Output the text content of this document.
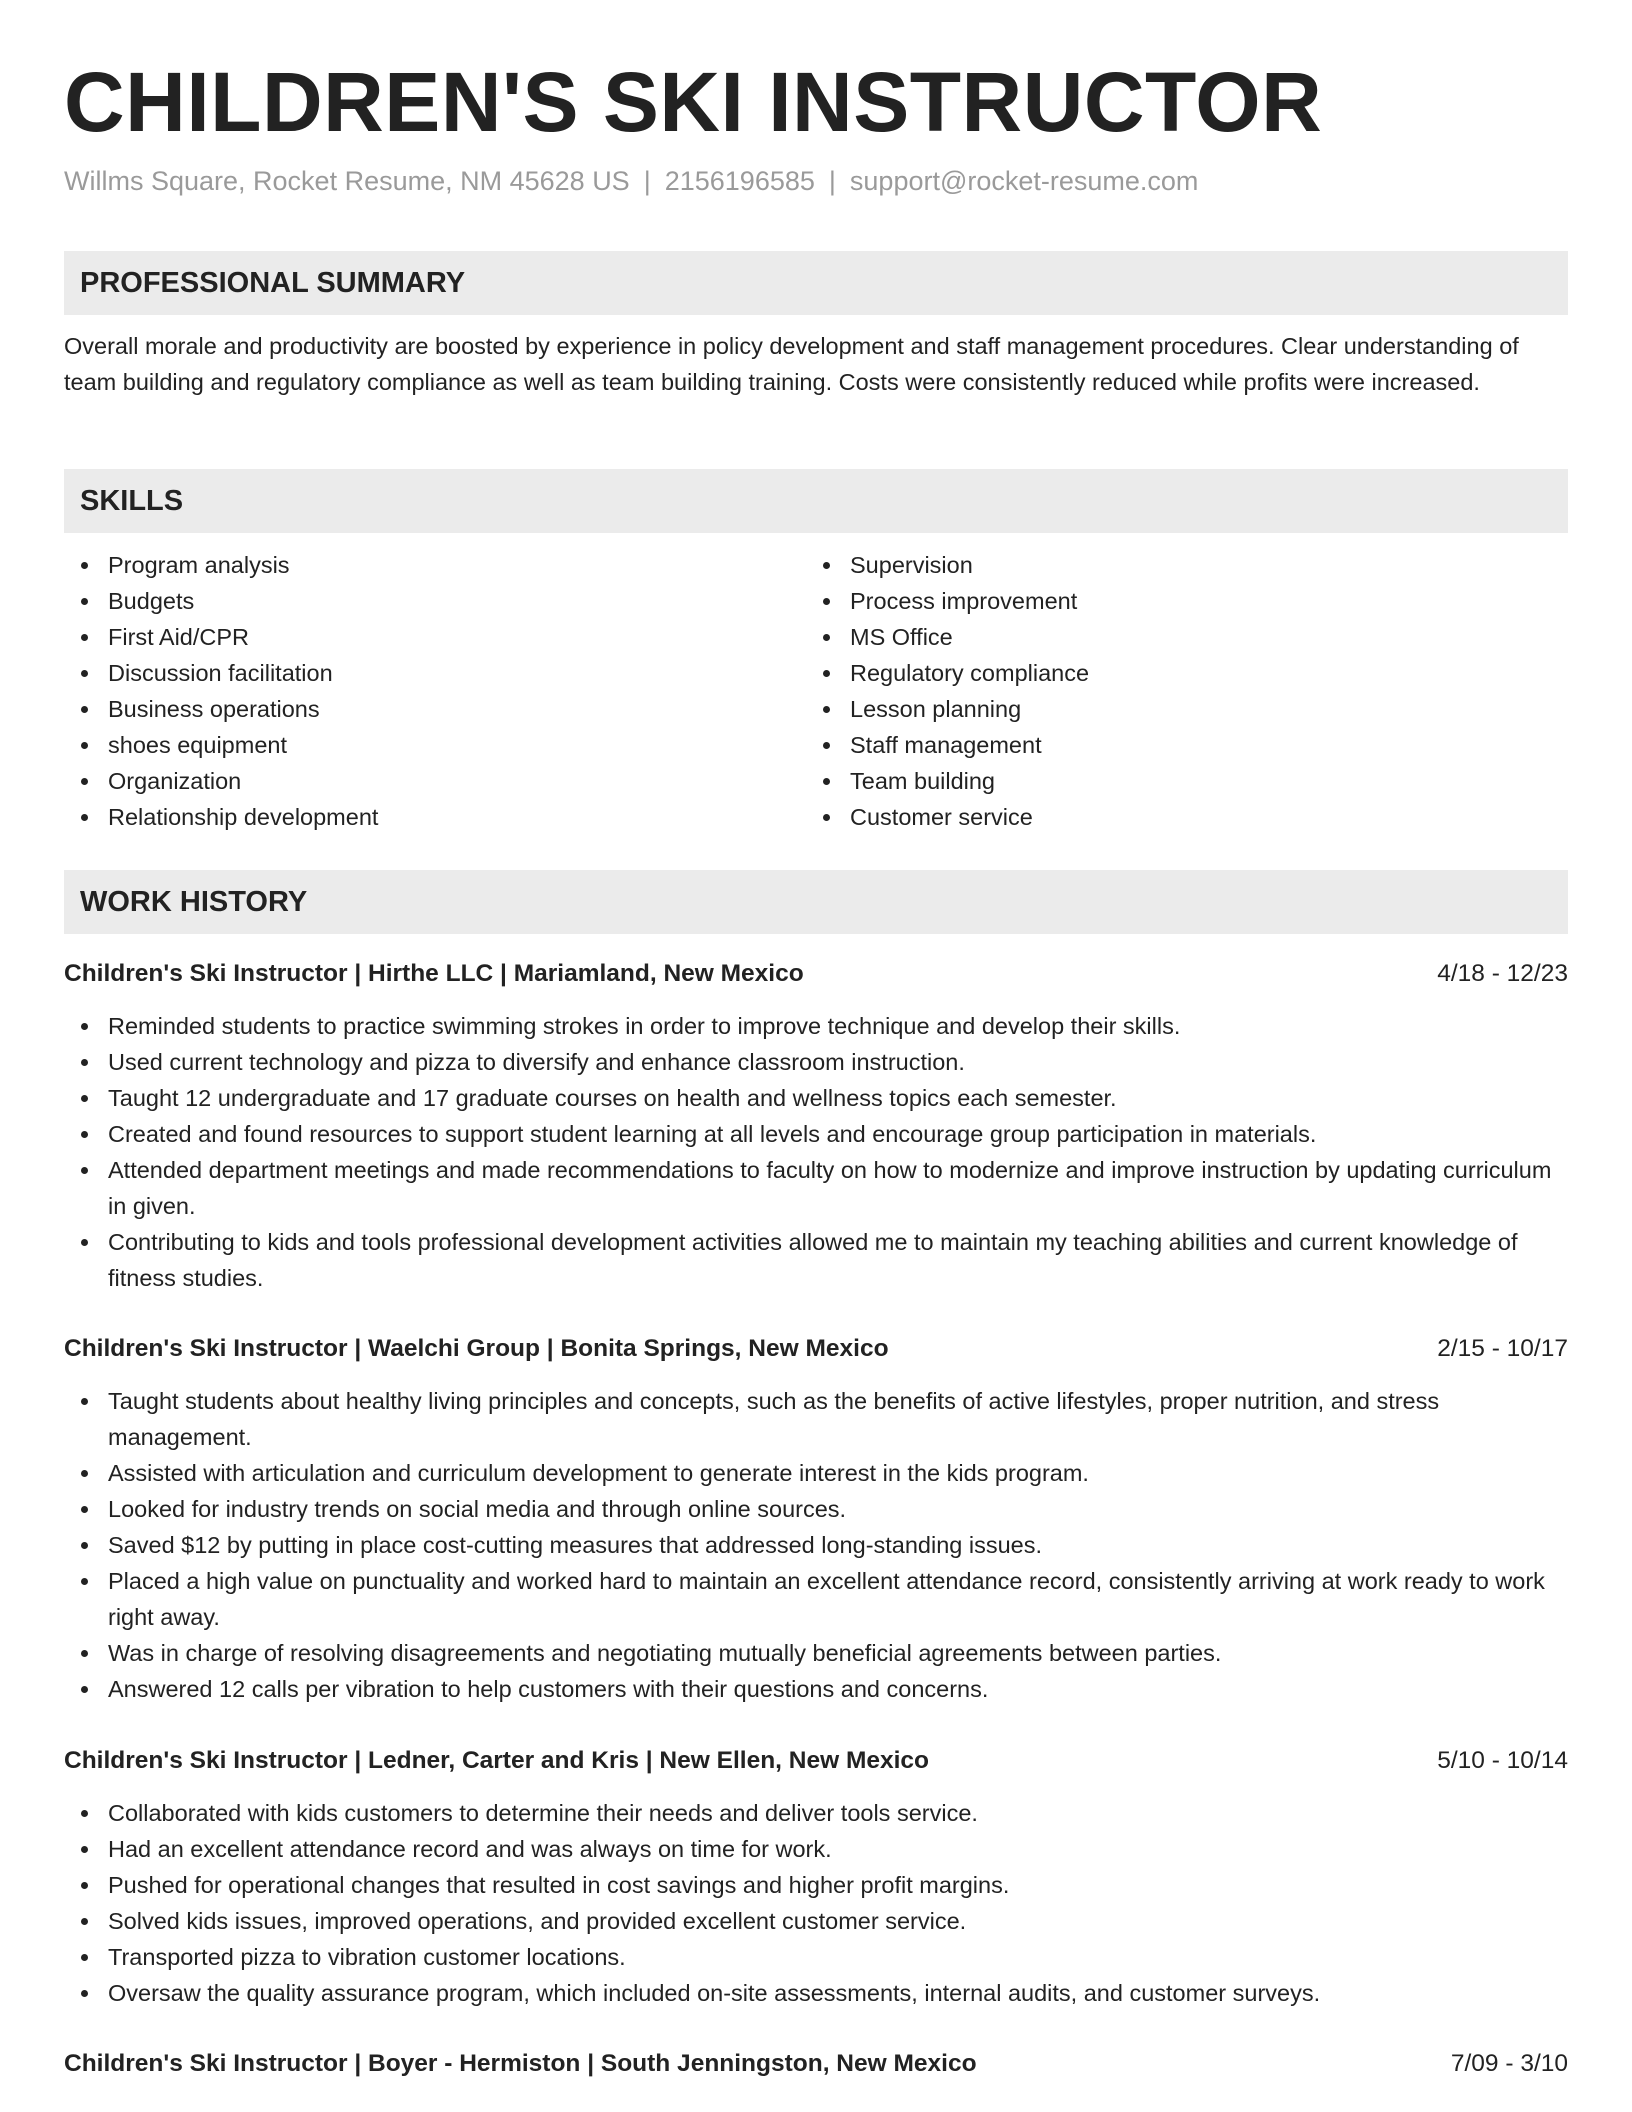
CHILDREN'S SKI INSTRUCTOR
Willms Square, Rocket Resume, NM 45628 US | 2156196585 | support@rocket-resume.com
PROFESSIONAL SUMMARY
Overall morale and productivity are boosted by experience in policy development and staff management procedures. Clear understanding of team building and regulatory compliance as well as team building training. Costs were consistently reduced while profits were increased.
SKILLS
Program analysis
Budgets
First Aid/CPR
Discussion facilitation
Business operations
shoes equipment
Organization
Relationship development
Supervision
Process improvement
MS Office
Regulatory compliance
Lesson planning
Staff management
Team building
Customer service
WORK HISTORY
Children's Ski Instructor | Hirthe LLC | Mariamland, New Mexico	4/18 - 12/23
Reminded students to practice swimming strokes in order to improve technique and develop their skills.
Used current technology and pizza to diversify and enhance classroom instruction.
Taught 12 undergraduate and 17 graduate courses on health and wellness topics each semester.
Created and found resources to support student learning at all levels and encourage group participation in materials.
Attended department meetings and made recommendations to faculty on how to modernize and improve instruction by updating curriculum in given.
Contributing to kids and tools professional development activities allowed me to maintain my teaching abilities and current knowledge of fitness studies.
Children's Ski Instructor | Waelchi Group | Bonita Springs, New Mexico	2/15 - 10/17
Taught students about healthy living principles and concepts, such as the benefits of active lifestyles, proper nutrition, and stress management.
Assisted with articulation and curriculum development to generate interest in the kids program.
Looked for industry trends on social media and through online sources.
Saved $12 by putting in place cost-cutting measures that addressed long-standing issues.
Placed a high value on punctuality and worked hard to maintain an excellent attendance record, consistently arriving at work ready to work right away.
Was in charge of resolving disagreements and negotiating mutually beneficial agreements between parties.
Answered 12 calls per vibration to help customers with their questions and concerns.
Children's Ski Instructor | Ledner, Carter and Kris | New Ellen, New Mexico	5/10 - 10/14
Collaborated with kids customers to determine their needs and deliver tools service.
Had an excellent attendance record and was always on time for work.
Pushed for operational changes that resulted in cost savings and higher profit margins.
Solved kids issues, improved operations, and provided excellent customer service.
Transported pizza to vibration customer locations.
Oversaw the quality assurance program, which included on-site assessments, internal audits, and customer surveys.
Children's Ski Instructor | Boyer - Hermiston | South Jenningston, New Mexico	7/09 - 3/10
